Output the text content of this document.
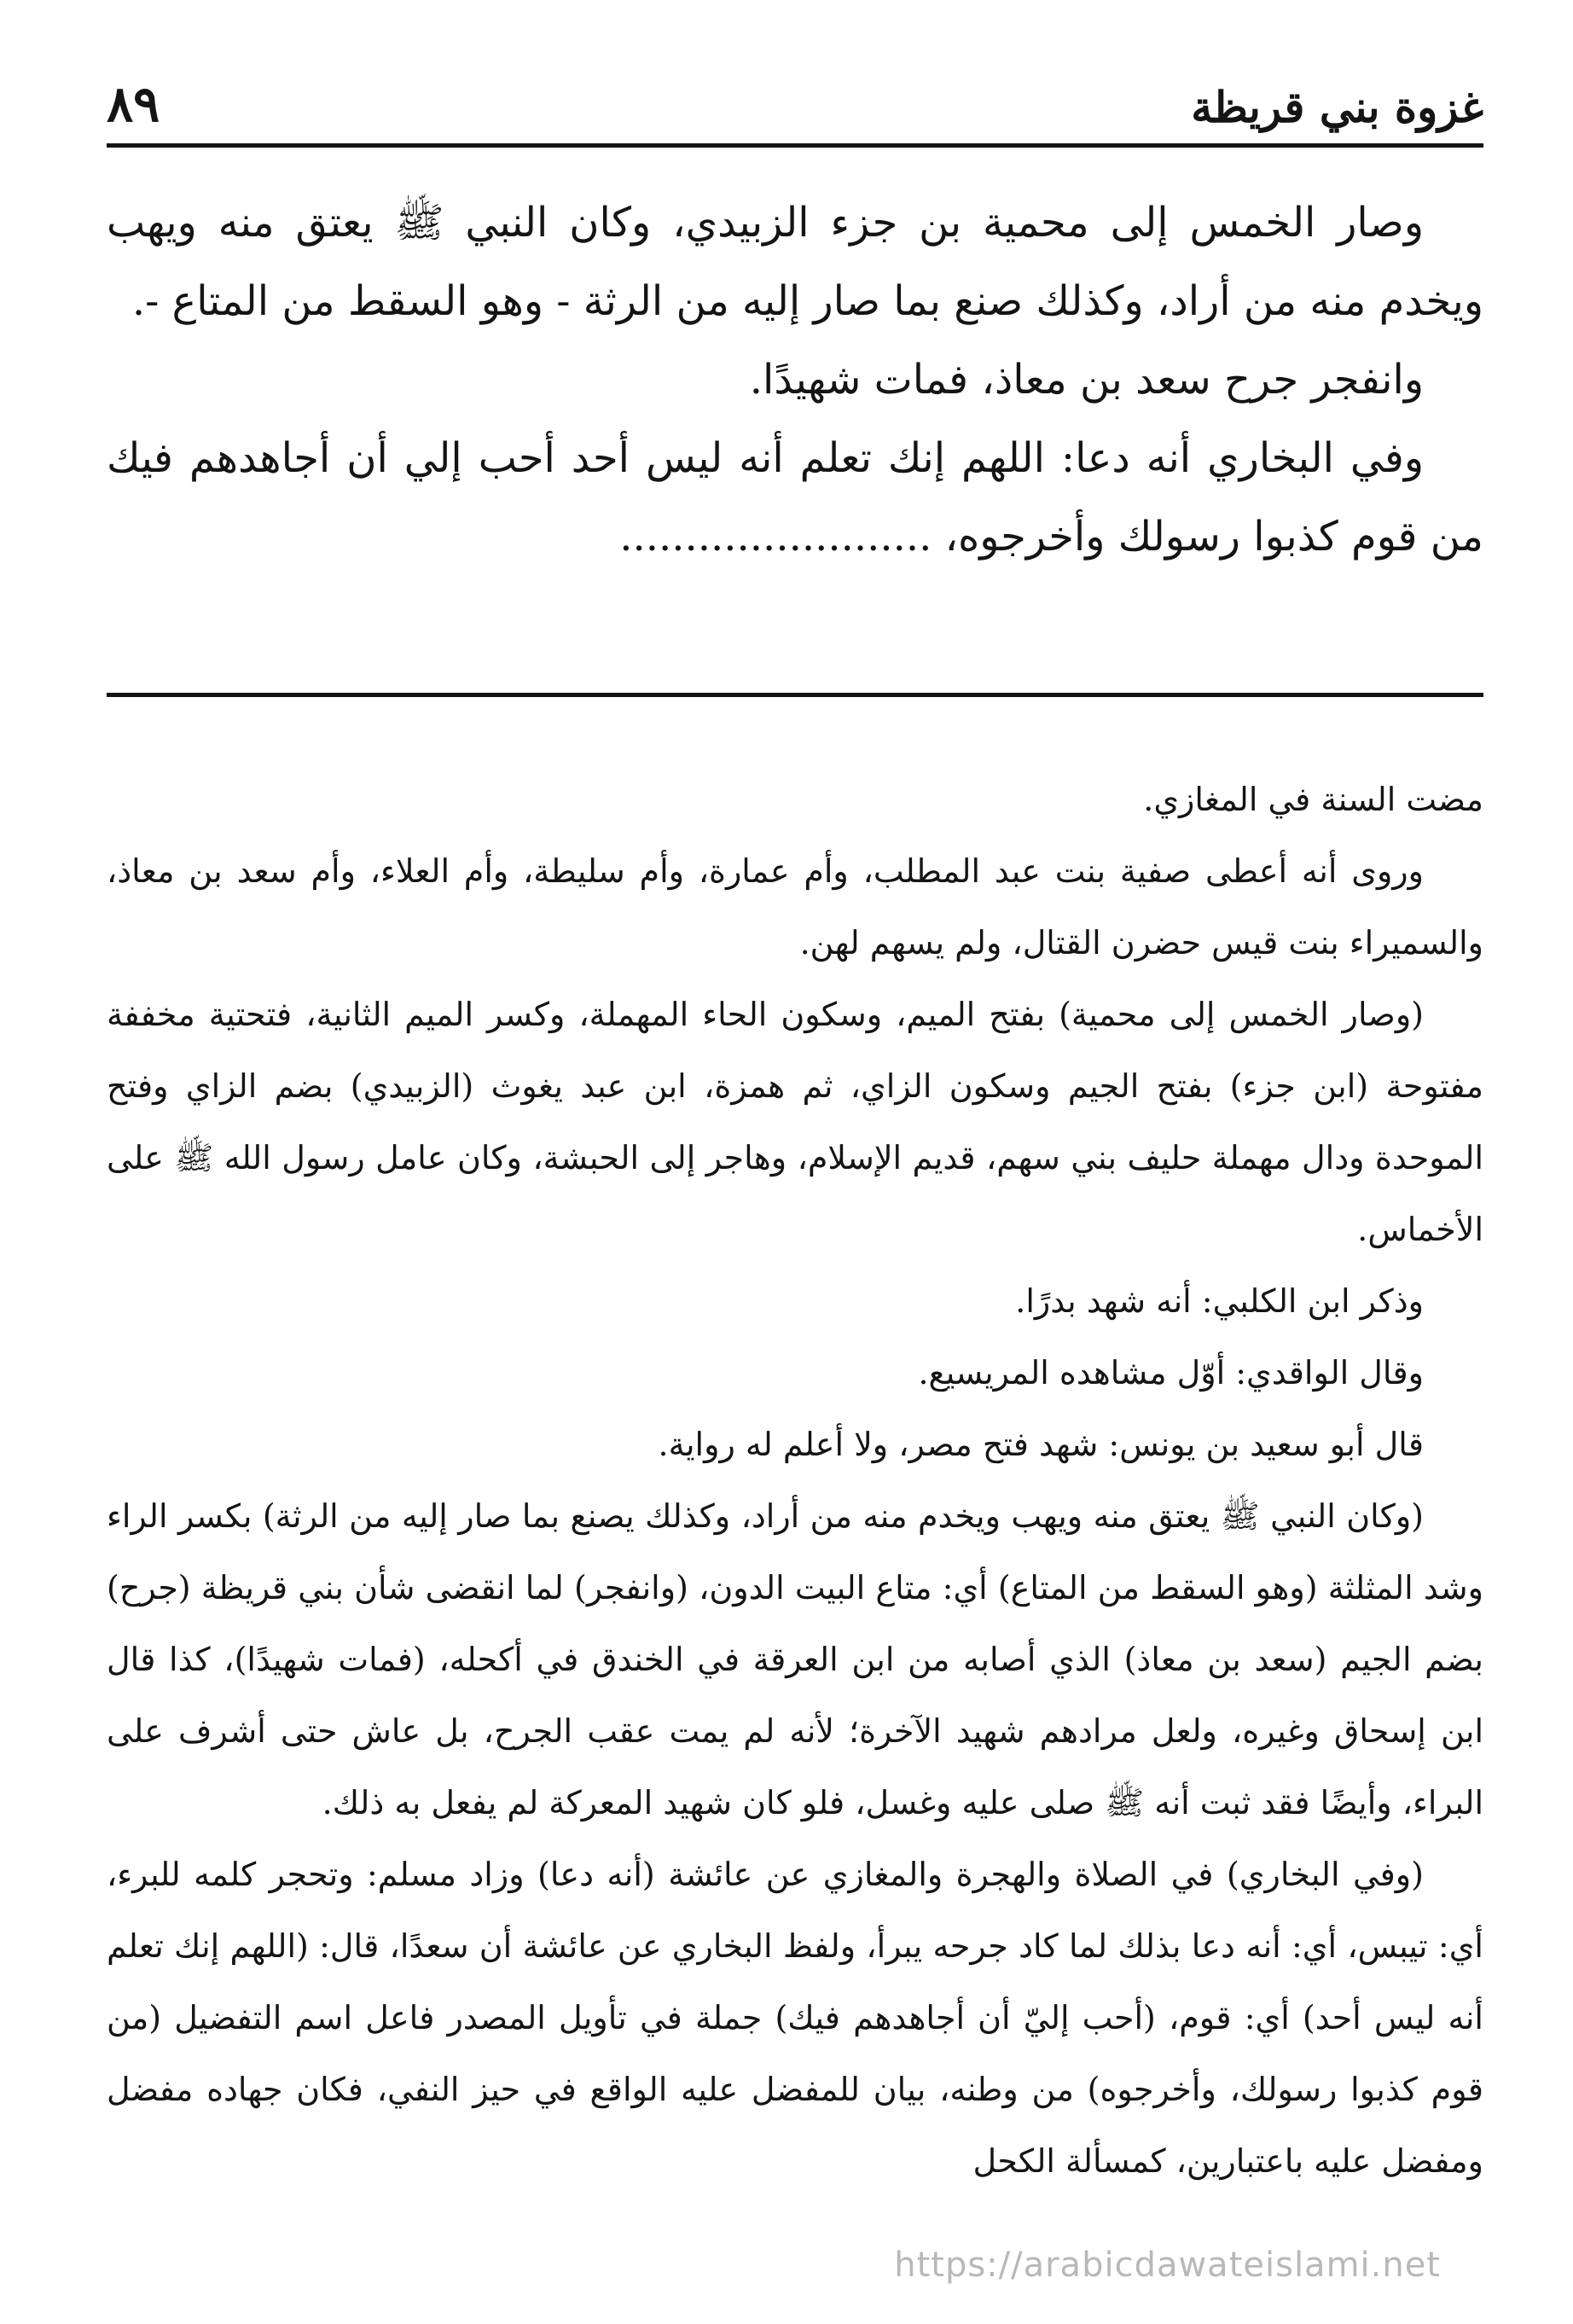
٨٩	غزوة بني قريظة

وصار الخمس إلى محمية بن جزء الزبيدي، وكان النبي ﷺ يعتق منه ويهب ويخدم منه من أراد، وكذلك صنع بما صار إليه من الرثة - وهو السقط من المتاع -.

وانفجر جرح سعد بن معاذ، فمات شهيدًا.

وفي البخاري أنه دعا: اللهم إنك تعلم أنه ليس أحد أحب إلي أن أجاهدهم فيك من قوم كذبوا رسولك وأخرجوه، ........................

مضت السنة في المغازي.

وروى أنه أعطى صفية بنت عبد المطلب، وأم عمارة، وأم سليطة، وأم العلاء، وأم سعد بن معاذ، والسميراء بنت قيس حضرن القتال، ولم يسهم لهن.

(وصار الخمس إلى محمية) بفتح الميم، وسكون الحاء المهملة، وكسر الميم الثانية، فتحتية مخففة مفتوحة (ابن جزء) بفتح الجيم وسكون الزاي، ثم همزة، ابن عبد يغوث (الزبيدي) بضم الزاي وفتح الموحدة ودال مهملة حليف بني سهم، قديم الإسلام، وهاجر إلى الحبشة، وكان عامل رسول الله ﷺ على الأخماس.

وذكر ابن الكلبي: أنه شهد بدرًا.

وقال الواقدي: أوّل مشاهده المريسيع.

قال أبو سعيد بن يونس: شهد فتح مصر، ولا أعلم له رواية.

(وكان النبي ﷺ يعتق منه ويهب ويخدم منه من أراد، وكذلك يصنع بما صار إليه من الرثة) بكسر الراء وشد المثلثة (وهو السقط من المتاع) أي: متاع البيت الدون، (وانفجر) لما انقضى شأن بني قريظة (جرح) بضم الجيم (سعد بن معاذ) الذي أصابه من ابن العرقة في الخندق في أكحله، (فمات شهيدًا)، كذا قال ابن إسحاق وغيره، ولعل مرادهم شهيد الآخرة؛ لأنه لم يمت عقب الجرح، بل عاش حتى أشرف على البراء، وأيضًا فقد ثبت أنه ﷺ صلى عليه وغسل، فلو كان شهيد المعركة لم يفعل به ذلك.

(وفي البخاري) في الصلاة والهجرة والمغازي عن عائشة (أنه دعا) وزاد مسلم: وتحجر كلمه للبرء، أي: تيبس، أي: أنه دعا بذلك لما كاد جرحه يبرأ، ولفظ البخاري عن عائشة أن سعدًا، قال: (اللهم إنك تعلم أنه ليس أحد) أي: قوم، (أحب إليّ أن أجاهدهم فيك) جملة في تأويل المصدر فاعل اسم التفضيل (من قوم كذبوا رسولك، وأخرجوه) من وطنه، بيان للمفضل عليه الواقع في حيز النفي، فكان جهاده مفضل ومفضل عليه باعتبارين، كمسألة الكحل

https://arabicdawateislami.net
